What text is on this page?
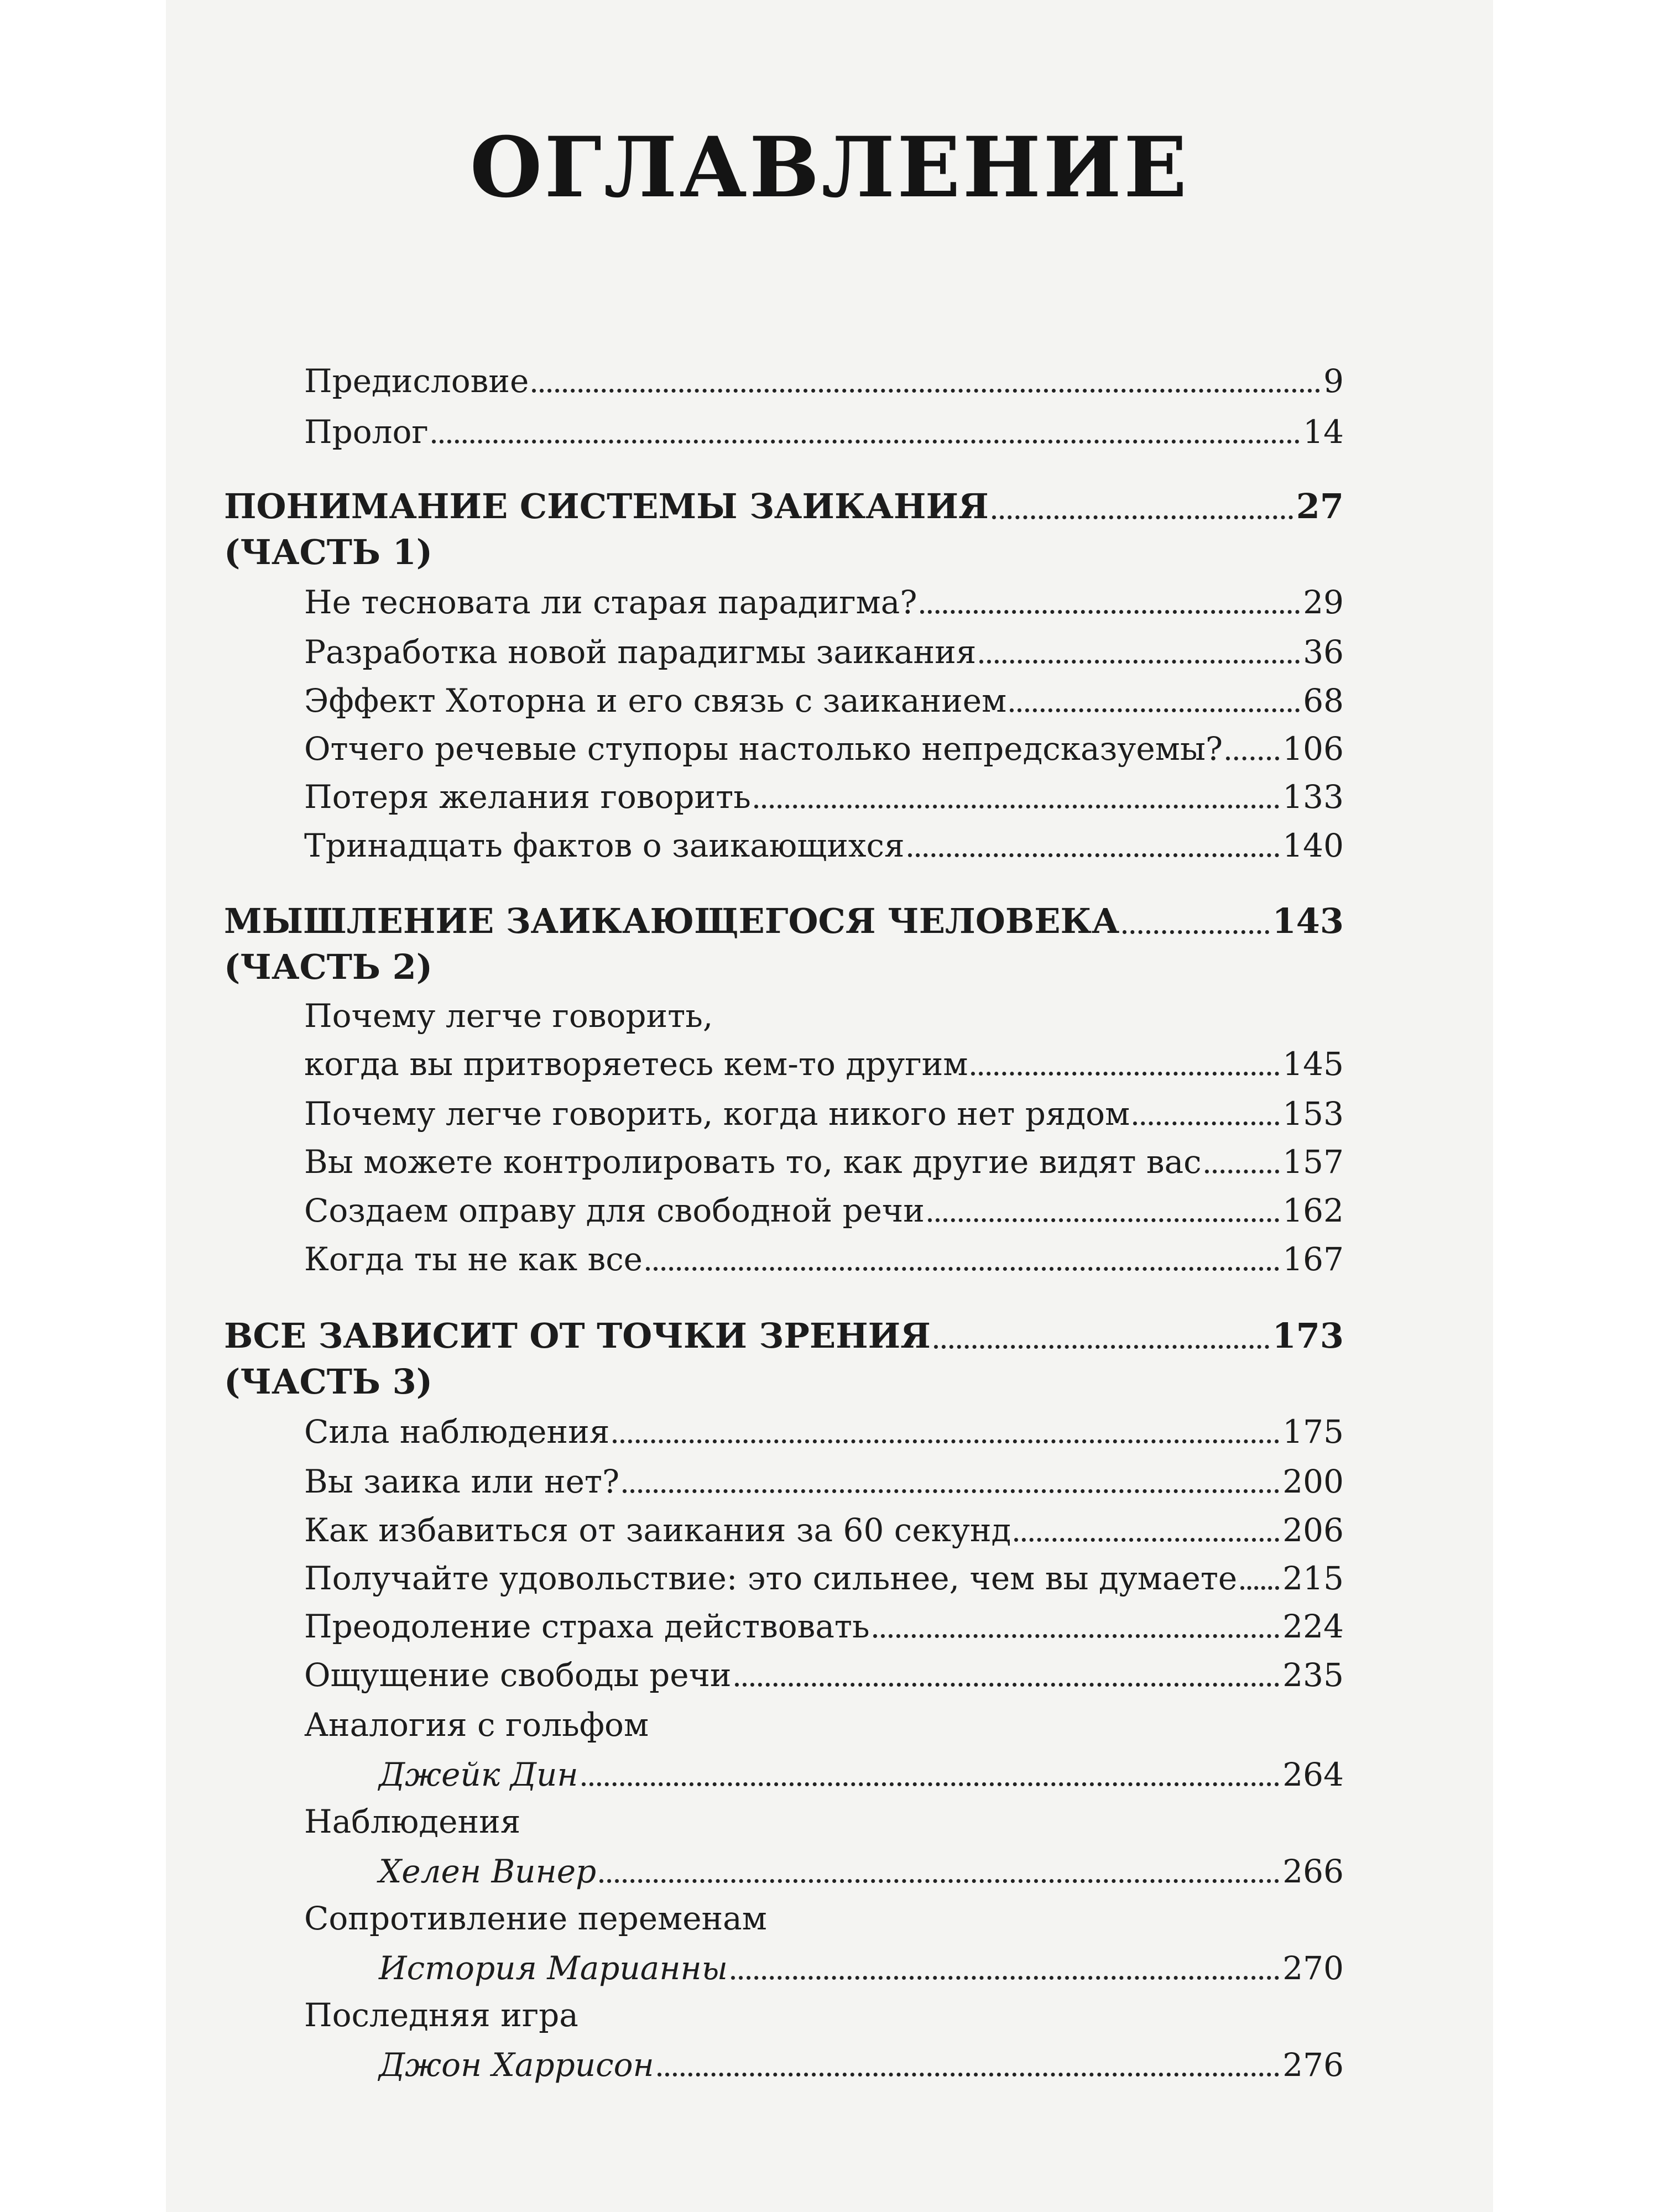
ОГЛАВЛЕНИЕ
Предисловие	9
Пролог	14
ПОНИМАНИЕ СИСТЕМЫ ЗАИКАНИЯ	27
(ЧАСТЬ 1)
Не тесновата ли старая парадигма?	29
Разработка новой парадигмы заикания	36
Эффект Хоторна и его связь с заиканием	68
Отчего речевые ступоры настолько непредсказуемы? 106
Потеря желания говорить	133
Тринадцать фактов о заикающихся	140
МЫШЛЕНИЕ ЗАИКАЮЩЕГОСЯ ЧЕЛОВЕКА	143
(ЧАСТЬ 2)
Почему легче говорить,
когда вы притворяетесь кем-то другим	145
Почему легче говорить, когда никого нет рядом	153
Вы можете контролировать то, как другие видят вас	157
Создаем оправу для свободной речи	162
Когда ты не как все	167
ВСЕ ЗАВИСИТ ОТ ТОЧКИ ЗРЕНИЯ	173
(ЧАСТЬ 3)
Сила наблюдения	175
Вы заика или нет?	200
Как избавиться от заикания за 60 секунд	206
Получайте удовольствие: это сильнее, чем вы думаете 215
Преодоление страха действовать	224
Ощущение свободы речи	235
Аналогия с гольфом
Джейк Дин	264
Наблюдения
Хелен Винер	266
Сопротивление переменам
История Марианны	270
Последняя игра
Джон Харрисон	276
